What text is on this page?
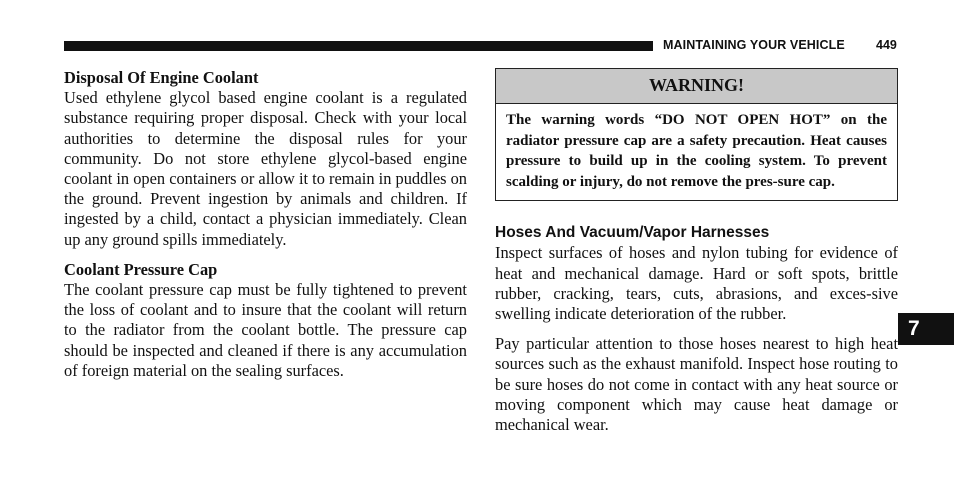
MAINTAINING YOUR VEHICLE 449

Disposal Of Engine Coolant

Used ethylene glycol based engine coolant is a regulated substance requiring proper disposal. Check with your local authorities to determine the disposal rules for your community. Do not store ethylene glycol-based engine coolant in open containers or allow it to remain in puddles on the ground. Prevent ingestion by animals and children. If ingested by a child, contact a physician immediately. Clean up any ground spills immediately.

Coolant Pressure Cap

The coolant pressure cap must be fully tightened to prevent the loss of coolant and to insure that the coolant will return to the radiator from the coolant bottle. The pressure cap should be inspected and cleaned if there is any accumulation of foreign material on the sealing surfaces.

WARNING!
The warning words “DO NOT OPEN HOT” on the radiator pressure cap are a safety precaution. Heat causes pressure to build up in the cooling system. To prevent scalding or injury, do not remove the pres-sure cap.

Hoses And Vacuum/Vapor Harnesses

Inspect surfaces of hoses and nylon tubing for evidence of heat and mechanical damage. Hard or soft spots, brittle rubber, cracking, tears, cuts, abrasions, and exces-sive swelling indicate deterioration of the rubber.

Pay particular attention to those hoses nearest to high heat sources such as the exhaust manifold. Inspect hose routing to be sure hoses do not come in contact with any heat source or moving component which may cause heat damage or mechanical wear.

7
